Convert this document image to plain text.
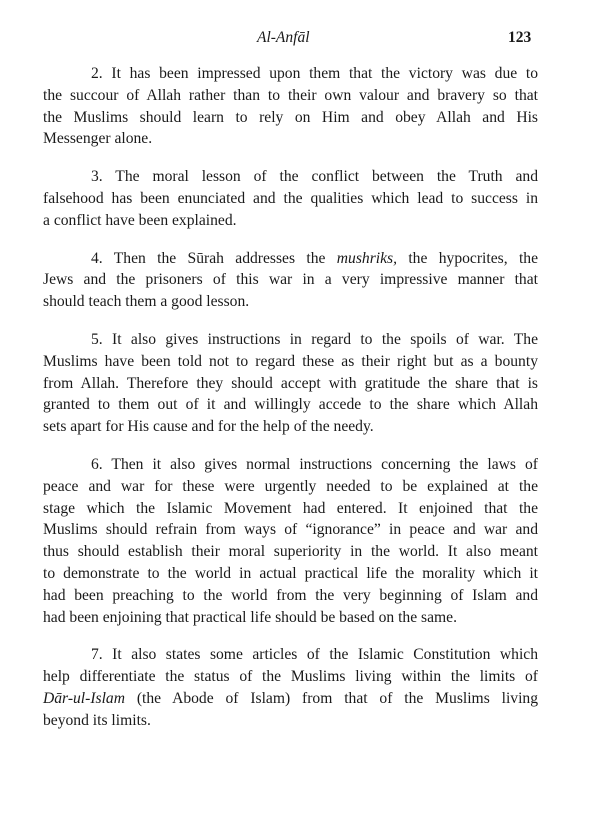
Al-Anfāl	123
2. It has been impressed upon them that the victory was due to
the succour of Allah rather than to their own valour and bravery so that
the Muslims should learn to rely on Him and obey Allah and His
Messenger alone.
3. The moral lesson of the conflict between the Truth and
falsehood has been enunciated and the qualities which lead to success in
a conflict have been explained.
4. Then the Sūrah addresses the mushriks, the hypocrites, the
Jews and the prisoners of this war in a very impressive manner that
should teach them a good lesson.
5. It also gives instructions in regard to the spoils of war. The
Muslims have been told not to regard these as their right but as a bounty
from Allah. Therefore they should accept with gratitude the share that is
granted to them out of it and willingly accede to the share which Allah
sets apart for His cause and for the help of the needy.
6. Then it also gives normal instructions concerning the laws of
peace and war for these were urgently needed to be explained at the
stage which the Islamic Movement had entered. It enjoined that the
Muslims should refrain from ways of “ignorance” in peace and war and
thus should establish their moral superiority in the world. It also meant
to demonstrate to the world in actual practical life the morality which it
had been preaching to the world from the very beginning of Islam and
had been enjoining that practical life should be based on the same.
7. It also states some articles of the Islamic Constitution which
help differentiate the status of the Muslims living within the limits of
Dār-ul-Islam (the Abode of Islam) from that of the Muslims living
beyond its limits.
